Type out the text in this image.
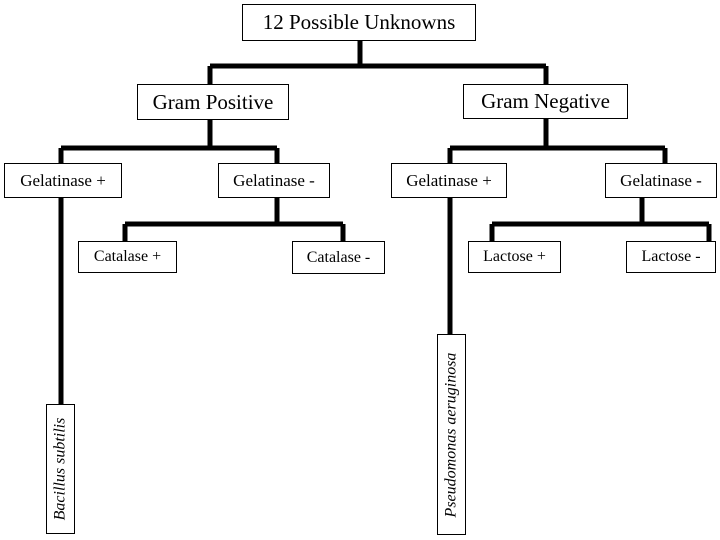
12 Possible Unknowns
Gram Positive	Gram Negative
Gelatinase +	Gelatinase -	Gelatinase +	Gelatinase -
Catalase +	Catalase -	Lactose +	Lactose -
Bacillus subtilis	Pseudomonas aeruginosa
